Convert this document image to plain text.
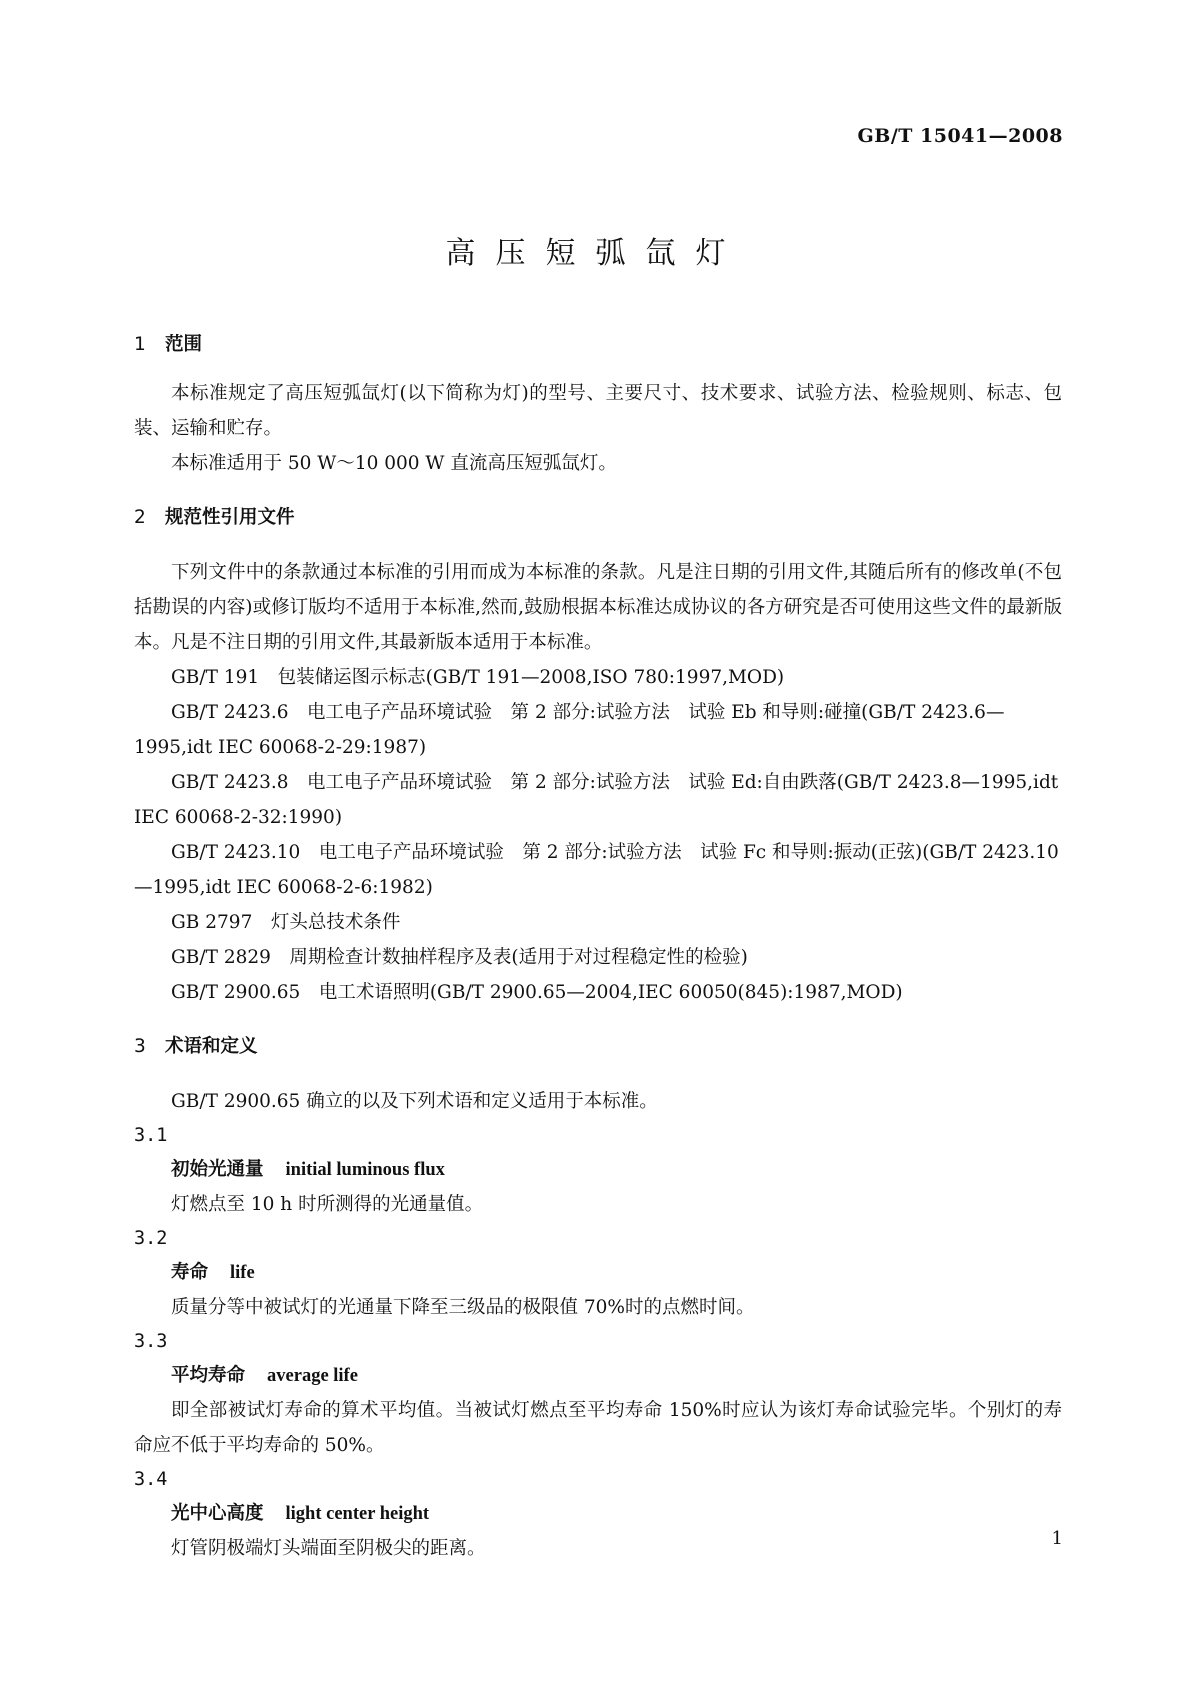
GB/T 15041—2008
高压短弧氙灯
1 范围

本标准规定了高压短弧氙灯(以下简称为灯)的型号、主要尺寸、技术要求、试验方法、检验规则、标志、包装、运输和贮存。

本标准适用于 50 W～10 000 W 直流高压短弧氙灯。

2 规范性引用文件

下列文件中的条款通过本标准的引用而成为本标准的条款。凡是注日期的引用文件,其随后所有的修改单(不包括勘误的内容)或修订版均不适用于本标准,然而,鼓励根据本标准达成协议的各方研究是否可使用这些文件的最新版本。凡是不注日期的引用文件,其最新版本适用于本标准。

GB/T 191　包装储运图示标志(GB/T 191—2008,ISO 780:1997,MOD)

GB/T 2423.6　电工电子产品环境试验　第 2 部分:试验方法　试验 Eb 和导则:碰撞(GB/T 2423.6—1995,idt IEC 60068-2-29:1987)

GB/T 2423.8　电工电子产品环境试验　第 2 部分:试验方法　试验 Ed:自由跌落(GB/T 2423.8—1995,idt IEC 60068-2-32:1990)

GB/T 2423.10　电工电子产品环境试验　第 2 部分:试验方法　试验 Fc 和导则:振动(正弦)(GB/T 2423.10—1995,idt IEC 60068-2-6:1982)

GB 2797　灯头总技术条件

GB/T 2829　周期检查计数抽样程序及表(适用于对过程稳定性的检验)

GB/T 2900.65　电工术语照明(GB/T 2900.65—2004,IEC 60050(845):1987,MOD)

3 术语和定义

GB/T 2900.65 确立的以及下列术语和定义适用于本标准。

3.1
初始光通量 initial luminous flux

灯燃点至 10 h 时所测得的光通量值。

3.2
寿命 life

质量分等中被试灯的光通量下降至三级品的极限值 70%时的点燃时间。

3.3
平均寿命 average life

即全部被试灯寿命的算术平均值。当被试灯燃点至平均寿命 150%时应认为该灯寿命试验完毕。个别灯的寿命应不低于平均寿命的 50%。

3.4
光中心高度 light center height

灯管阴极端灯头端面至阴极尖的距离。	1
